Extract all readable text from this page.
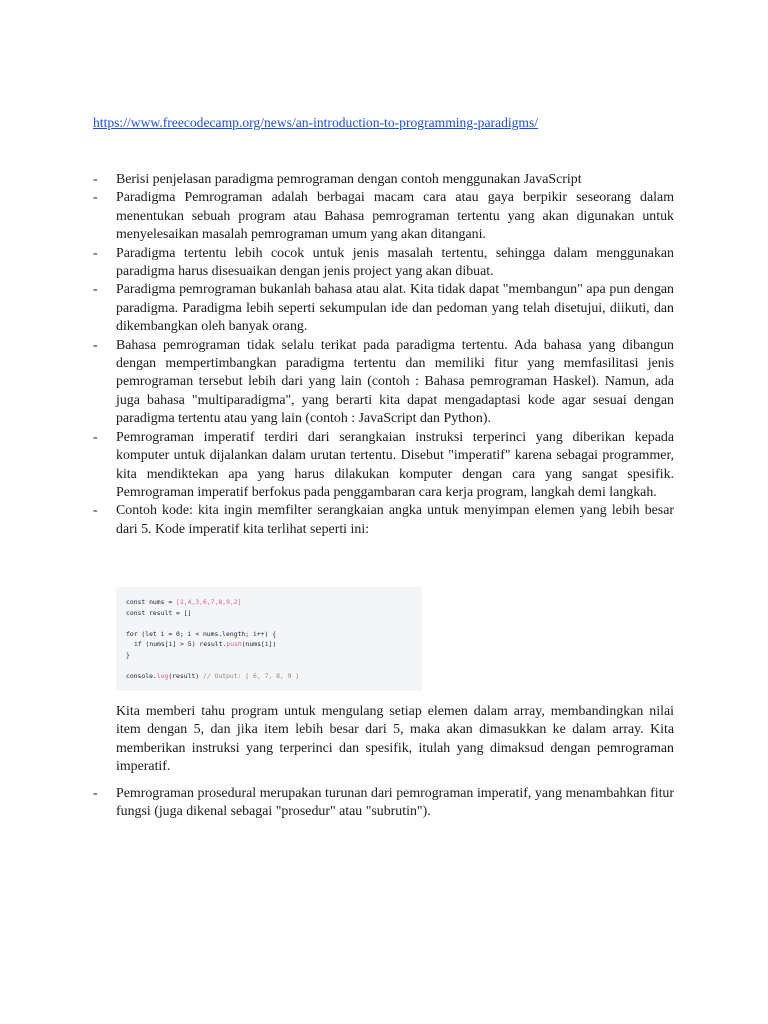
https://www.freecodecamp.org/news/an-introduction-to-programming-paradigms/
- Berisi penjelasan paradigma pemrograman dengan contoh menggunakan JavaScript
- Paradigma Pemrograman adalah berbagai macam cara atau gaya berpikir seseorang dalam menentukan sebuah program atau Bahasa pemrograman tertentu yang akan digunakan untuk menyelesaikan masalah pemrograman umum yang akan ditangani.
- Paradigma tertentu lebih cocok untuk jenis masalah tertentu, sehingga dalam menggunakan paradigma harus disesuaikan dengan jenis project yang akan dibuat.
- Paradigma pemrograman bukanlah bahasa atau alat. Kita tidak dapat "membangun" apa pun dengan paradigma. Paradigma lebih seperti sekumpulan ide dan pedoman yang telah disetujui, diikuti, dan dikembangkan oleh banyak orang.
- Bahasa pemrograman tidak selalu terikat pada paradigma tertentu. Ada bahasa yang dibangun dengan mempertimbangkan paradigma tertentu dan memiliki fitur yang memfasilitasi jenis pemrograman tersebut lebih dari yang lain (contoh : Bahasa pemrograman Haskel). Namun, ada juga bahasa "multiparadigma", yang berarti kita dapat mengadaptasi kode agar sesuai dengan paradigma tertentu atau yang lain (contoh : JavaScript dan Python).
- Pemrograman imperatif terdiri dari serangkaian instruksi terperinci yang diberikan kepada komputer untuk dijalankan dalam urutan tertentu. Disebut "imperatif" karena sebagai programmer, kita mendiktekan apa yang harus dilakukan komputer dengan cara yang sangat spesifik. Pemrograman imperatif berfokus pada penggambaran cara kerja program, langkah demi langkah.
- Contoh kode: kita ingin memfilter serangkaian angka untuk menyimpan elemen yang lebih besar dari 5. Kode imperatif kita terlihat seperti ini:
const nums = [1,4,3,6,7,8,9,2]
const result = []
for (let i = 0; i < nums.length; i++) {
if (nums[i] > 5) result.push(nums[i])
}
console.log(result) // Output: [ 6, 7, 8, 9 ]
Kita memberi tahu program untuk mengulang setiap elemen dalam array, membandingkan nilai item dengan 5, dan jika item lebih besar dari 5, maka akan dimasukkan ke dalam array. Kita memberikan instruksi yang terperinci dan spesifik, itulah yang dimaksud dengan pemrograman imperatif.
- Pemrograman prosedural merupakan turunan dari pemrograman imperatif, yang menambahkan fitur fungsi (juga dikenal sebagai "prosedur" atau "subrutin").
